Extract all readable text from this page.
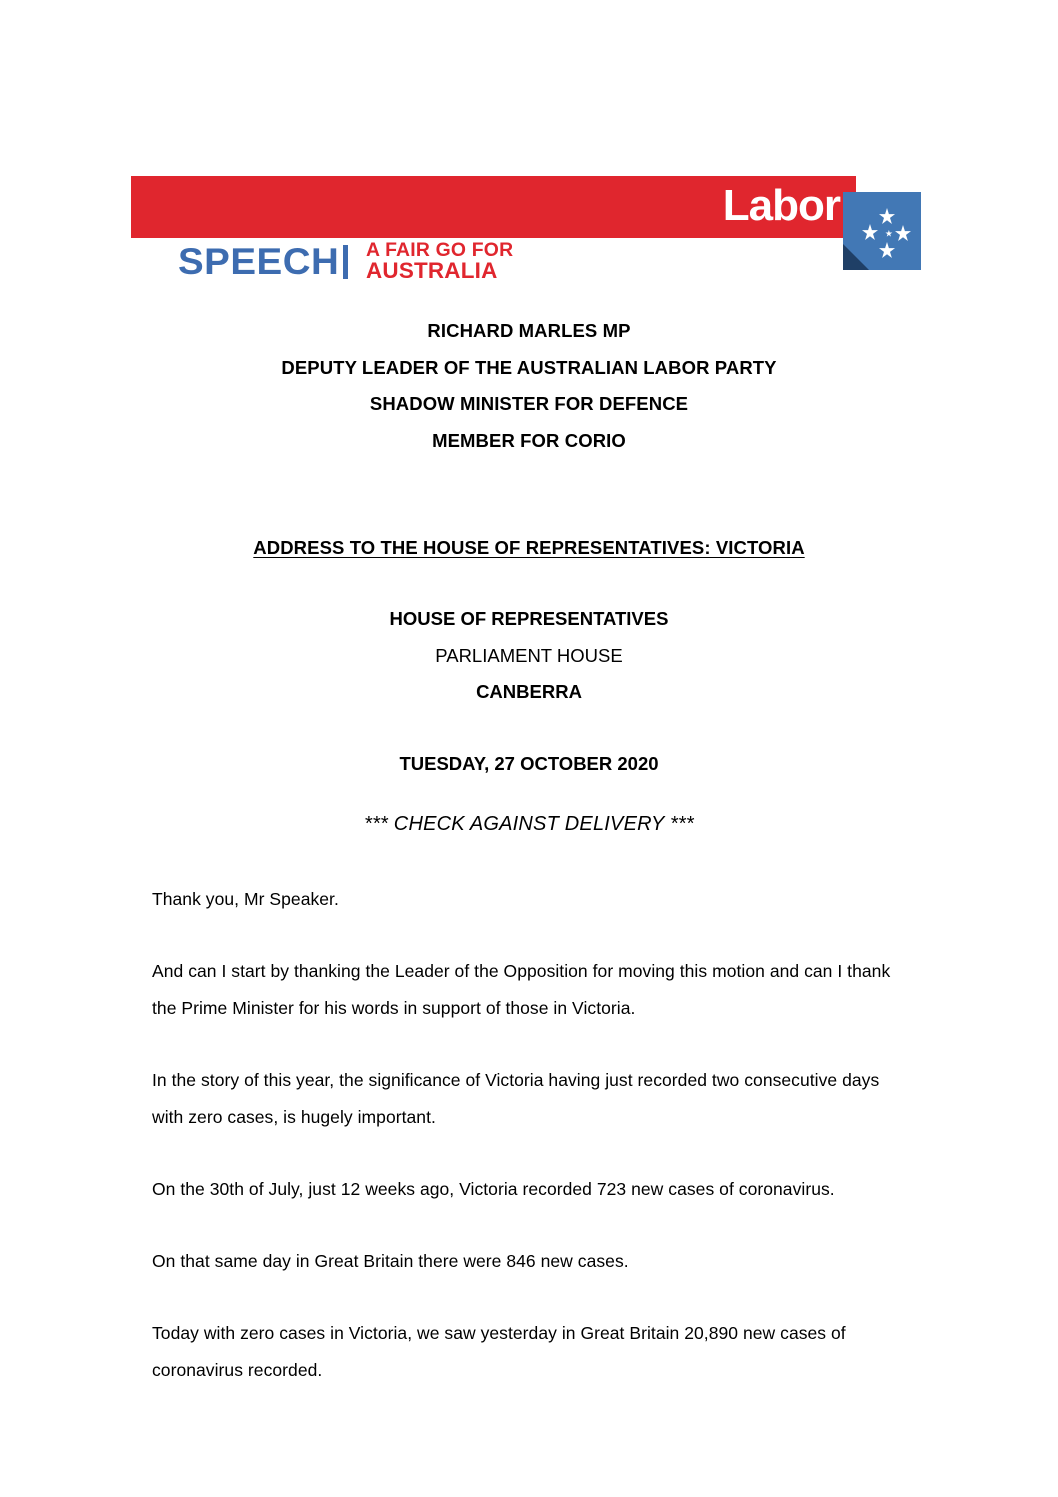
Labor
SPEECH A FAIR GO FOR
AUSTRALIA
RICHARD MARLES MP
DEPUTY LEADER OF THE AUSTRALIAN LABOR PARTY
SHADOW MINISTER FOR DEFENCE
MEMBER FOR CORIO
ADDRESS TO THE HOUSE OF REPRESENTATIVES: VICTORIA
HOUSE OF REPRESENTATIVES
PARLIAMENT HOUSE
CANBERRA
TUESDAY, 27 OCTOBER 2020
*** CHECK AGAINST DELIVERY ***

Thank you, Mr Speaker.

And can I start by thanking the Leader of the Opposition for moving this motion and can I thank the Prime Minister for his words in support of those in Victoria.

In the story of this year, the significance of Victoria having just recorded two consecutive days with zero cases, is hugely important.

On the 30th of July, just 12 weeks ago, Victoria recorded 723 new cases of coronavirus.

On that same day in Great Britain there were 846 new cases.

Today with zero cases in Victoria, we saw yesterday in Great Britain 20,890 new cases of coronavirus recorded.
